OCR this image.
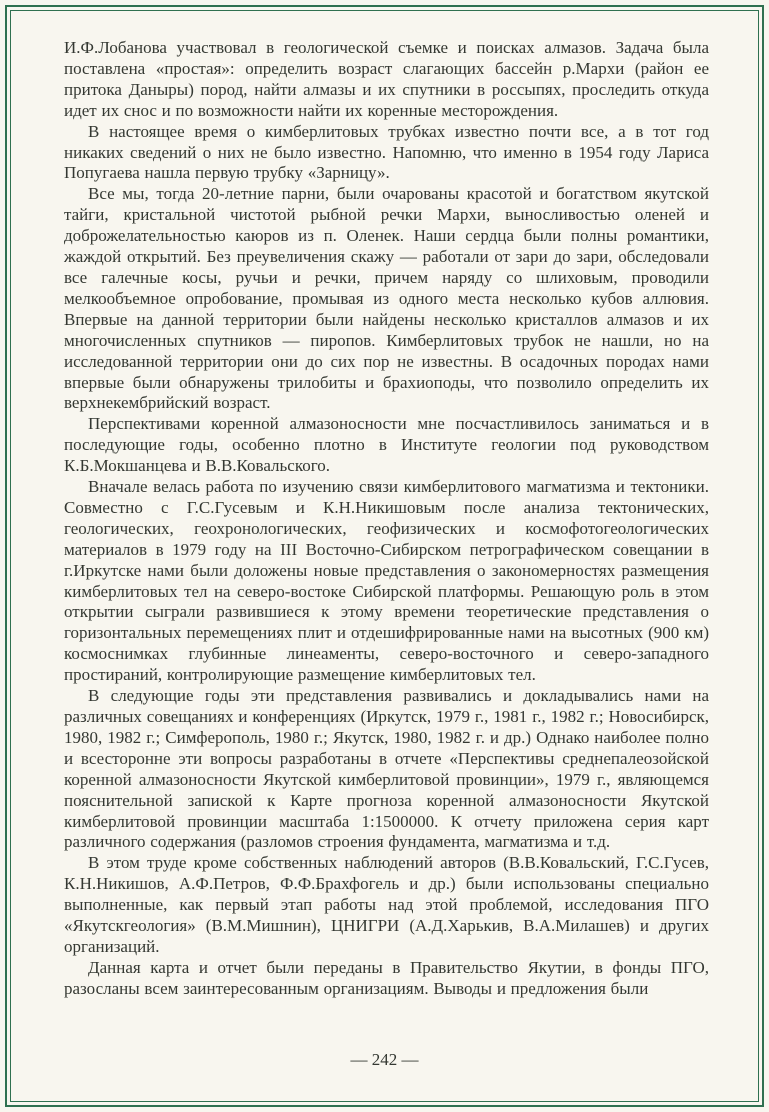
И.Ф.Лобанова участвовал в геологической съемке и поисках алмазов. Задача была поставлена «простая»: определить возраст слагающих бассейн р.Мархи (район ее притока Даныры) пород, найти алмазы и их спутники в россыпях, проследить откуда идет их снос и по возможности найти их коренные месторождения.

В настоящее время о кимберлитовых трубках известно почти все, а в тот год никаких сведений о них не было известно. Напомню, что именно в 1954 году Лариса Попугаева нашла первую трубку «Зарницу».

Все мы, тогда 20-летние парни, были очарованы красотой и богатством якутской тайги, кристальной чистотой рыбной речки Мархи, выносливостью оленей и доброжелательностью каюров из п. Оленек. Наши сердца были полны романтики, жаждой открытий. Без преувеличения скажу — работали от зари до зари, обследовали все галечные косы, ручьи и речки, причем наряду со шлиховым, проводили мелкообъемное опробование, промывая из одного места несколько кубов аллювия. Впервые на данной территории были найдены несколько кристаллов алмазов и их многочисленных спутников — пиропов. Кимберлитовых трубок не нашли, но на исследованной территории они до сих пор не известны. В осадочных породах нами впервые были обнаружены трилобиты и брахиоподы, что позволило определить их верхнекембрийский возраст.

Перспективами коренной алмазоносности мне посчастливилось заниматься и в последующие годы, особенно плотно в Институте геологии под руководством К.Б.Мокшанцева и В.В.Ковальского.

Вначале велась работа по изучению связи кимберлитового магматизма и тектоники. Совместно с Г.С.Гусевым и К.Н.Никишовым после анализа тектонических, геологических, геохронологических, геофизических и космофотогеологических материалов в 1979 году на III Восточно-Сибирском петрографическом совещании в г.Иркутске нами были доложены новые представления о закономерностях размещения кимберлитовых тел на северо-востоке Сибирской платформы. Решающую роль в этом открытии сыграли развившиеся к этому времени теоретические представления о горизонтальных перемещениях плит и отдешифрированные нами на высотных (900 км) космоснимках глубинные линеаменты, северо-восточного и северо-западного простираний, контролирующие размещение кимберлитовых тел.

В следующие годы эти представления развивались и докладывались нами на различных совещаниях и конференциях (Иркутск, 1979 г., 1981 г., 1982 г.; Новосибирск, 1980, 1982 г.; Симферополь, 1980 г.; Якутск, 1980, 1982 г. и др.) Однако наиболее полно и всесторонне эти вопросы разработаны в отчете «Перспективы среднепалеозойской коренной алмазоносности Якутской кимберлитовой провинции», 1979 г., являющемся пояснительной запиской к Карте прогноза коренной алмазоносности Якутской кимберлитовой провинции масштаба 1:1500000. К отчету приложена серия карт различного содержания (разломов строения фундамента, магматизма и т.д.

В этом труде кроме собственных наблюдений авторов (В.В.Ковальский, Г.С.Гусев, К.Н.Никишов, А.Ф.Петров, Ф.Ф.Брахфогель и др.) были использованы специально выполненные, как первый этап работы над этой проблемой, исследования ПГО «Якутскгеология» (В.М.Мишнин), ЦНИГРИ (А.Д.Харькив, В.А.Милашев) и других организаций.

Данная карта и отчет были переданы в Правительство Якутии, в фонды ПГО, разосланы всем заинтересованным организациям. Выводы и предложения были

— 242 —
